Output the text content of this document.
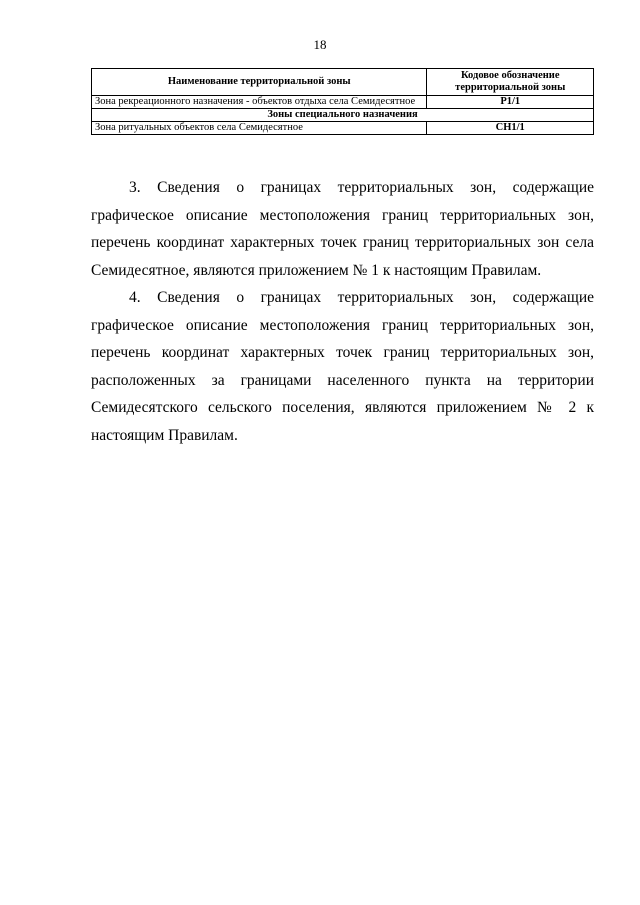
18
Наименование территориальной зоны	Кодовое обозначение территориальной зоны
Зона рекреационного назначения - объектов отдыха села Семидесятное	Р1/1
Зоны специального назначения	
Зона ритуальных объектов села Семидесятное	СН1/1

3. Сведения о границах территориальных зон, содержащие графическое описание местоположения границ территориальных зон, перечень координат характерных точек границ территориальных зон села Семидесятное, являются приложением № 1 к настоящим Правилам.

4. Сведения о границах территориальных зон, содержащие графическое описание местоположения границ территориальных зон, перечень координат характерных точек границ территориальных зон, расположенных за границами населенного пункта на территории Семидесятского сельского поселения, являются приложением № 2 к настоящим Правилам.
